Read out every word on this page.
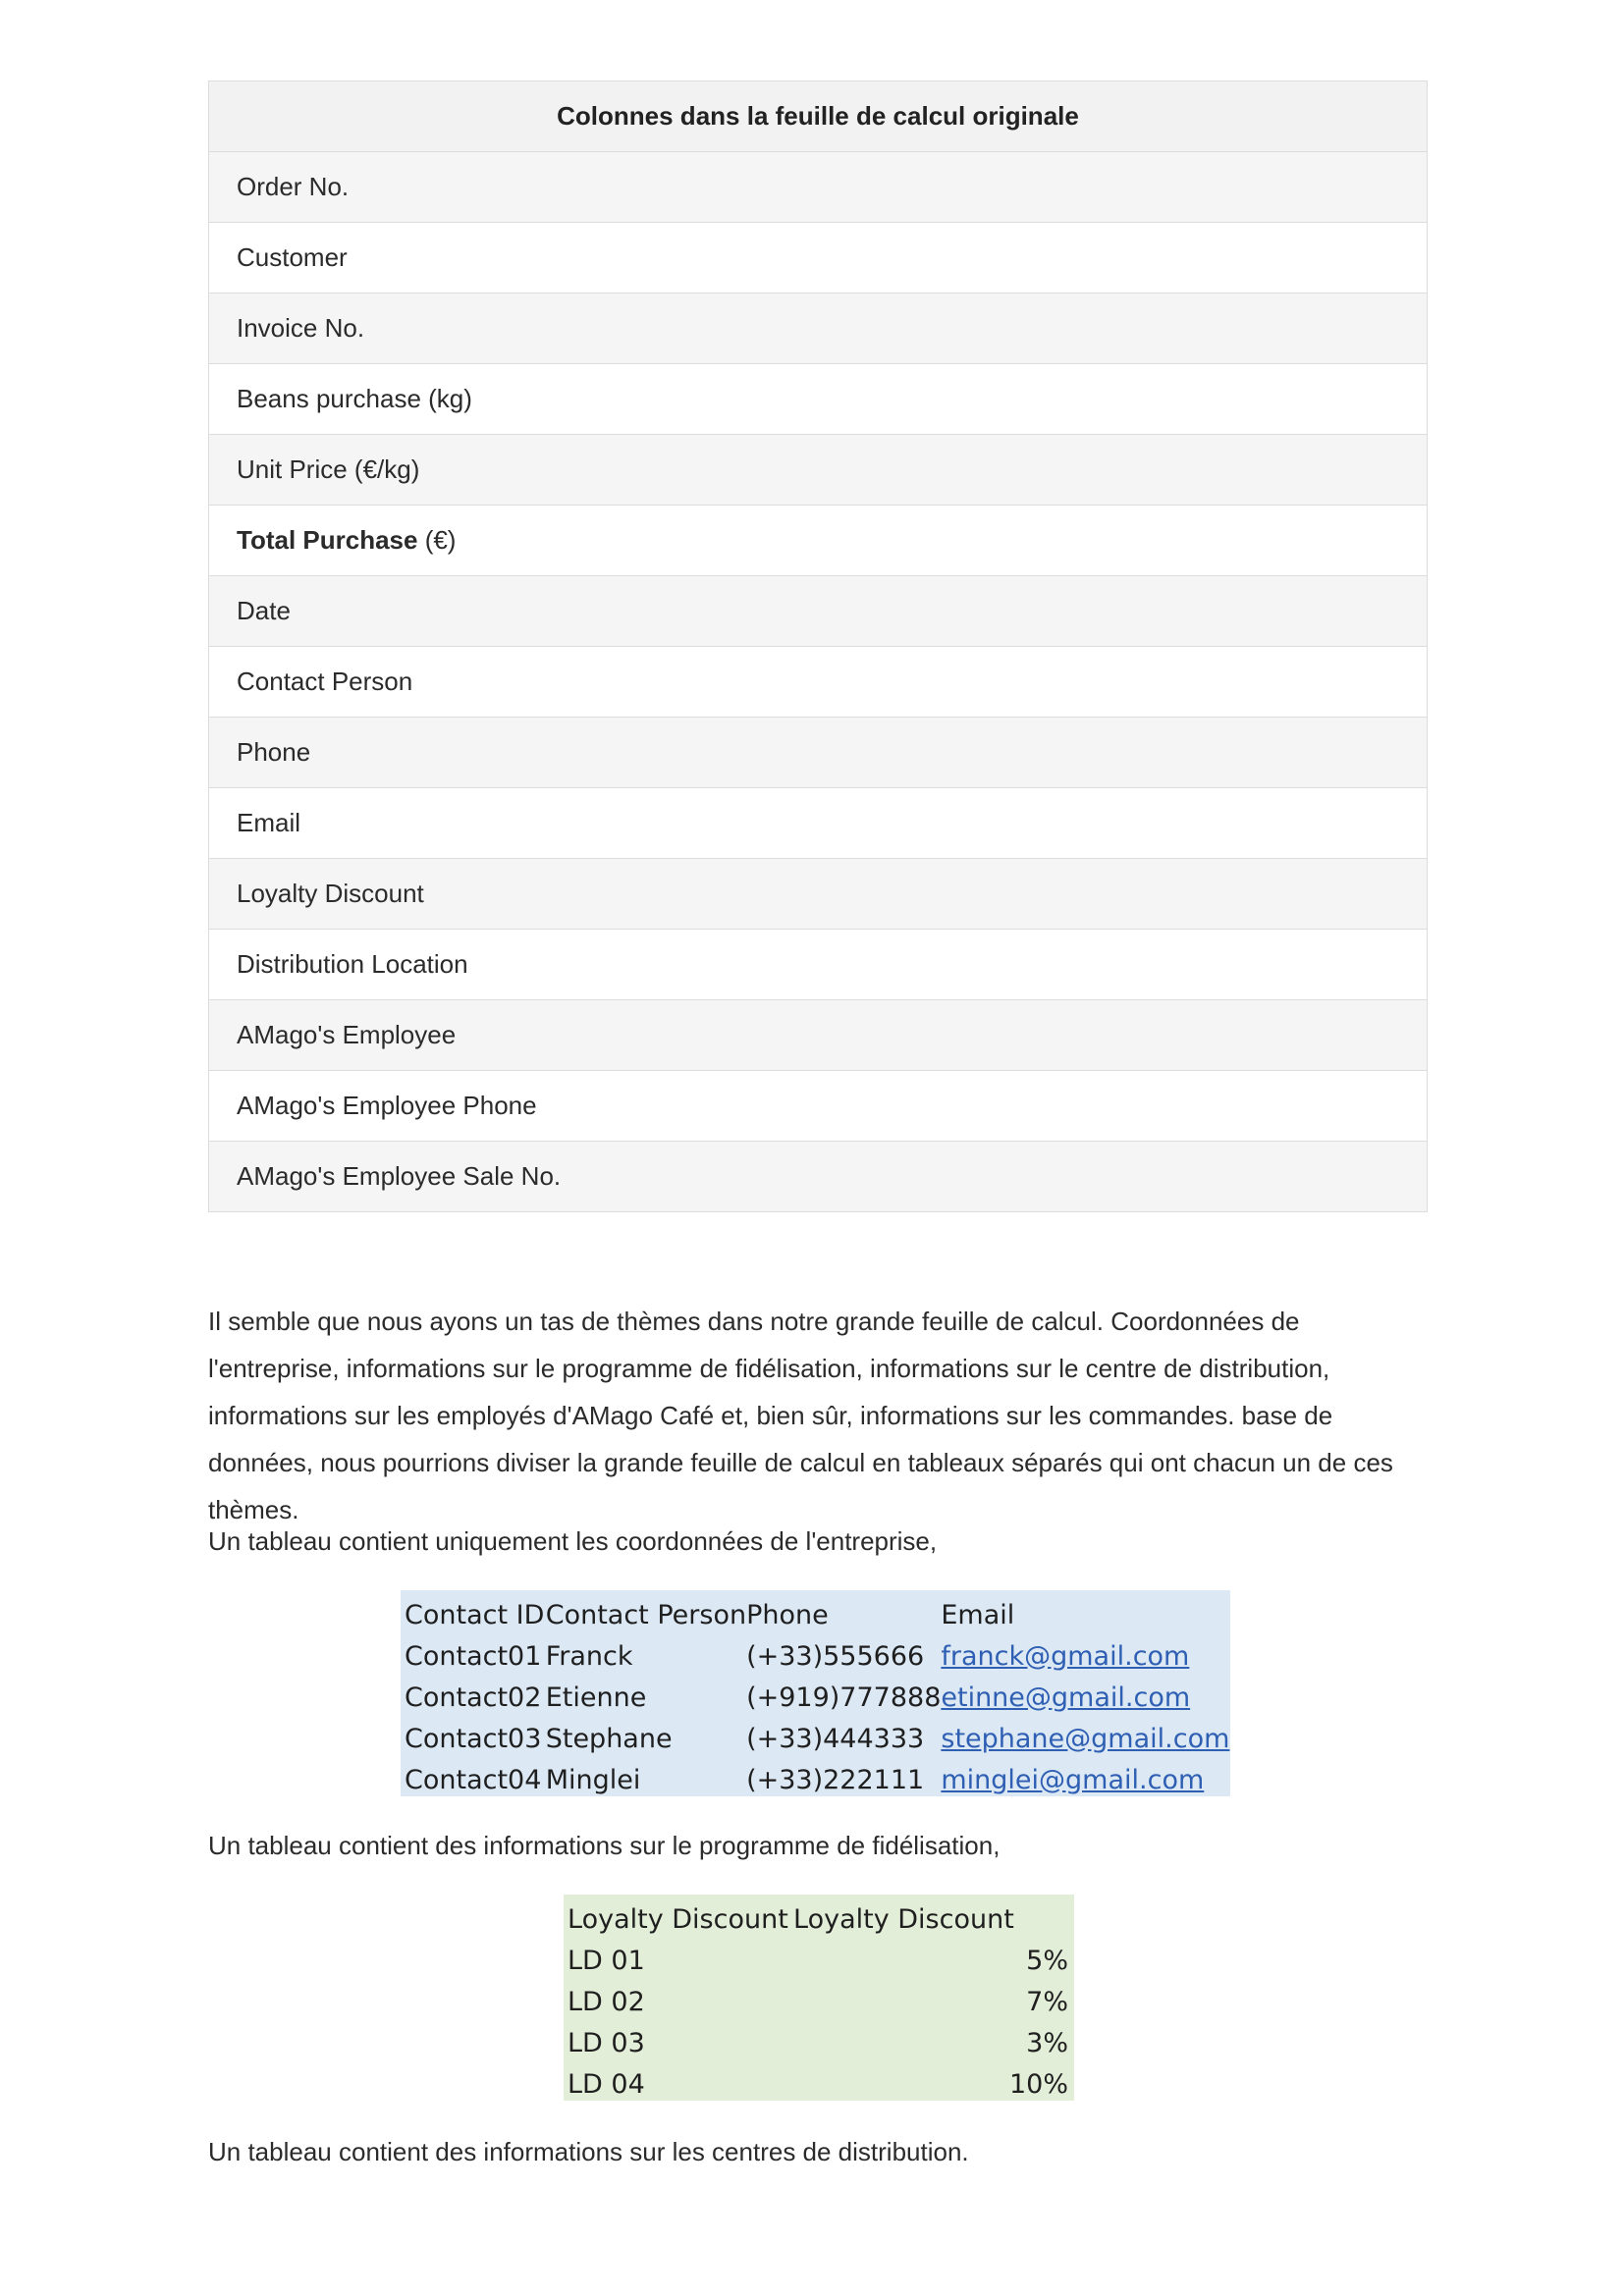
Colonnes dans la feuille de calcul originale
Order No.
Customer
Invoice No.
Beans purchase (kg)
Unit Price (€/kg)
Total Purchase (€)
Date
Contact Person
Phone
Email
Loyalty Discount
Distribution Location
AMago's Employee
AMago's Employee Phone
AMago's Employee Sale No.

Il semble que nous ayons un tas de thèmes dans notre grande feuille de calcul. Coordonnées de l'entreprise, informations sur le programme de fidélisation, informations sur le centre de distribution, informations sur les employés d'AMago Café et, bien sûr, informations sur les commandes. base de données, nous pourrions diviser la grande feuille de calcul en tableaux séparés qui ont chacun un de ces thèmes.

Un tableau contient uniquement les coordonnées de l'entreprise,

Contact ID	Contact Person	Phone	Email
Contact01	Franck	(+33)555666	franck@gmail.com
Contact02	Etienne	(+919)777888	etinne@gmail.com
Contact03	Stephane	(+33)444333	stephane@gmail.com
Contact04	Minglei	(+33)222111	minglei@gmail.com

Un tableau contient des informations sur le programme de fidélisation,

Loyalty Discount	Loyalty Discount
LD 01	5%
LD 02	7%
LD 03	3%
LD 04	10%

Un tableau contient des informations sur les centres de distribution.
